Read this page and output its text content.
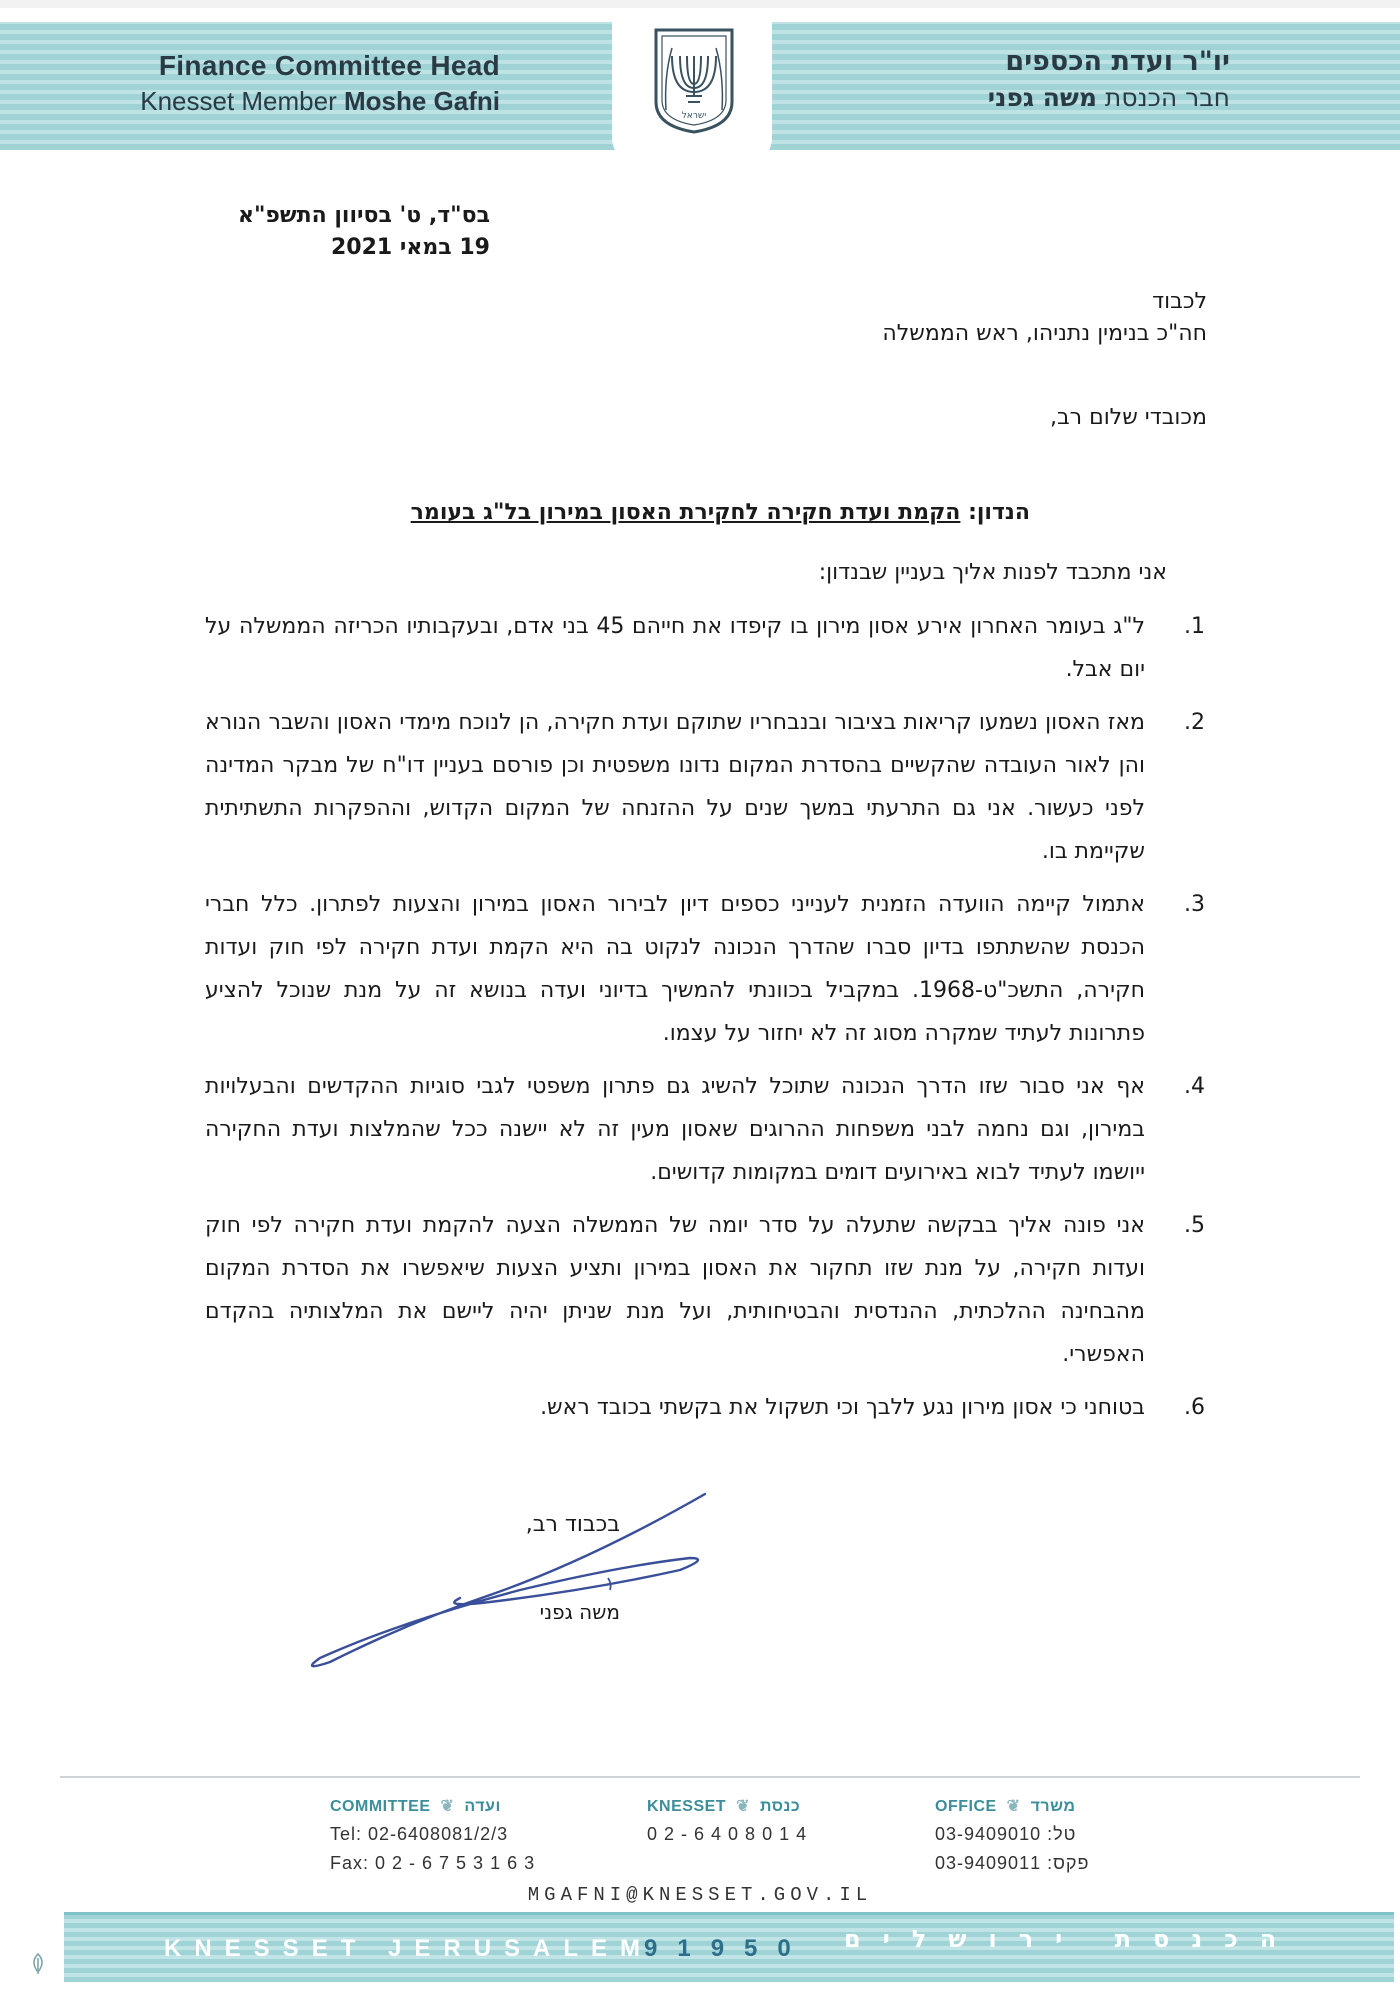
ישראל
Finance Committee Head
Knesset Member Moshe Gafni
יו"ר ועדת הכספים
חבר הכנסת משה גפני
בס"ד, ט' בסיוון התשפ"א
19 במאי 2021
לכבוד
חה"כ בנימין נתניהו, ראש הממשלה
מכובדי שלום רב,
הנדון: הקמת ועדת חקירה לחקירת האסון במירון בל"ג בעומר
אני מתכבד לפנות אליך בעניין שבנדון:
1.
ל"ג בעומר האחרון אירע אסון מירון בו קיפדו את חייהם 45 בני אדם, ובעקבותיו הכריזה הממשלה על יום אבל.
2.
מאז האסון נשמעו קריאות בציבור ובנבחריו שתוקם ועדת חקירה, הן לנוכח מימדי האסון והשבר הנורא והן לאור העובדה שהקשיים בהסדרת המקום נדונו משפטית וכן פורסם בעניין דו"ח של מבקר המדינה לפני כעשור. אני גם התרעתי במשך שנים על ההזנחה של המקום הקדוש, וההפקרות התשתיתית שקיימת בו.
3.
אתמול קיימה הוועדה הזמנית לענייני כספים דיון לבירור האסון במירון והצעות לפתרון. כלל חברי הכנסת שהשתתפו בדיון סברו שהדרך הנכונה לנקוט בה היא הקמת ועדת חקירה לפי חוק ועדות חקירה, התשכ"ט-1968. במקביל בכוונתי להמשיך בדיוני ועדה בנושא זה על מנת שנוכל להציע פתרונות לעתיד שמקרה מסוג זה לא יחזור על עצמו.
4.
אף אני סבור שזו הדרך הנכונה שתוכל להשיג גם פתרון משפטי לגבי סוגיות ההקדשים והבעלויות במירון, וגם נחמה לבני משפחות ההרוגים שאסון מעין זה לא יישנה ככל שהמלצות ועדת החקירה ייושמו לעתיד לבוא באירועים דומים במקומות קדושים.
5.
אני פונה אליך בבקשה שתעלה על סדר יומה של הממשלה הצעה להקמת ועדת חקירה לפי חוק ועדות חקירה, על מנת שזו תחקור את האסון במירון ותציע הצעות שיאפשרו את הסדרת המקום מהבחינה ההלכתית, ההנדסית והבטיחותית, ועל מנת שניתן יהיה ליישם את המלצותיה בהקדם האפשרי.
6.
בטוחני כי אסון מירון נגע ללבך וכי תשקול את בקשתי בכובד ראש.
בכבוד רב,
משה גפני
COMMITTEE ❦ ועדה
Tel: 02-6408081/2/3
Fax: 0 2 - 6 7 5 3 1 6 3
KNESSET ❦ כנסת
0 2 - 6 4 0 8 0 1 4
OFFICE ❦ משרד
טל: 03-9409010
פקס: 03-9409011
MGAFNI@KNESSET.GOV.IL
KNESSET JERUSALEM
91950 הכנסת ירושלים
